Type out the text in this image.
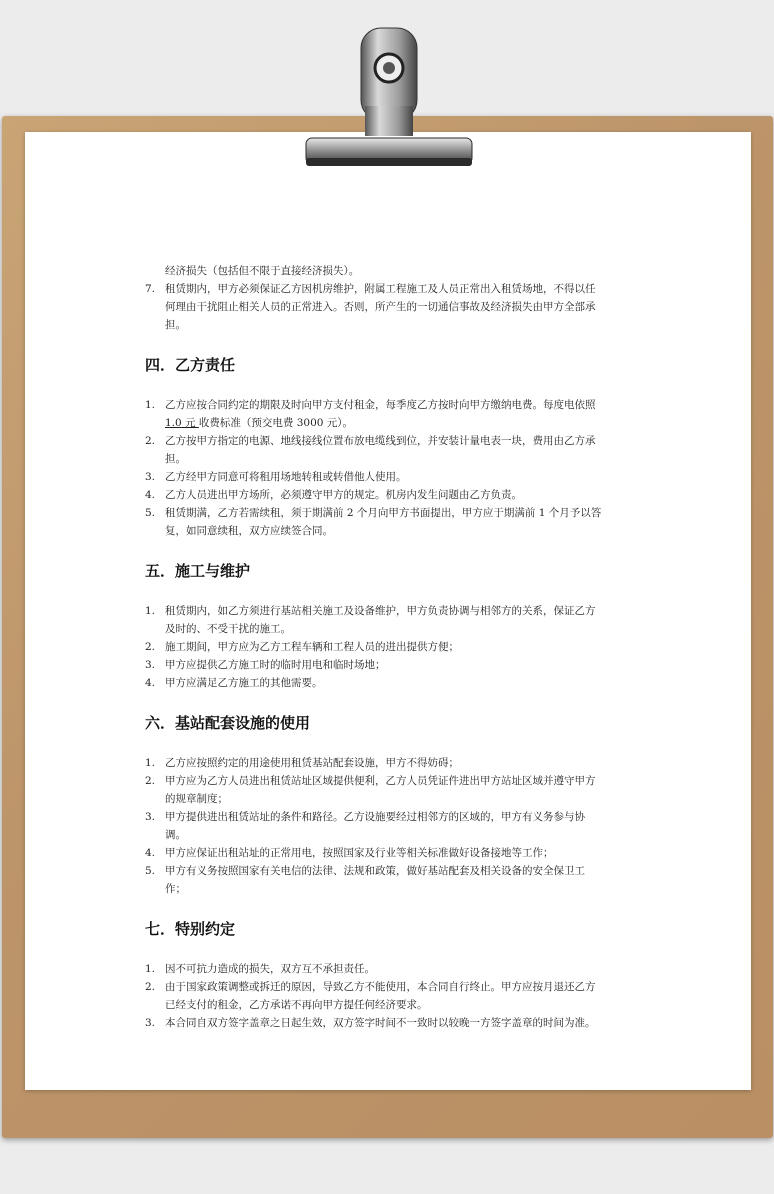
经济损失（包括但不限于直接经济损失）。

7. 租赁期内，甲方必须保证乙方因机房维护，附属工程施工及人员正常出入租赁场地，不得以任何理由干扰阻止相关人员的正常进入。否则，所产生的一切通信事故及经济损失由甲方全部承担。
四．乙方责任
1. 乙方应按合同约定的期限及时向甲方支付租金，每季度乙方按时向甲方缴纳电费。每度电依照 1.0 元 收费标准（预交电费 3000 元）。
2. 乙方按甲方指定的电源、地线接线位置布放电缆线到位，并安装计量电表一块，费用由乙方承担。
3. 乙方经甲方同意可将租用场地转租或转借他人使用。
4. 乙方人员进出甲方场所，必须遵守甲方的规定。机房内发生问题由乙方负责。
5. 租赁期满，乙方若需续租，须于期满前 2 个月向甲方书面提出，甲方应于期满前 1 个月予以答复，如同意续租，双方应续签合同。
五．施工与维护
1. 租赁期内，如乙方须进行基站相关施工及设备维护，甲方负责协调与相邻方的关系，保证乙方及时的、不受干扰的施工。
2. 施工期间，甲方应为乙方工程车辆和工程人员的进出提供方便；
3. 甲方应提供乙方施工时的临时用电和临时场地；
4. 甲方应满足乙方施工的其他需要。
六．基站配套设施的使用
1. 乙方应按照约定的用途使用租赁基站配套设施，甲方不得妨碍；
2. 甲方应为乙方人员进出租赁站址区域提供便利，乙方人员凭证件进出甲方站址区域并遵守甲方的规章制度；
3. 甲方提供进出租赁站址的条件和路径。乙方设施要经过相邻方的区域的，甲方有义务参与协调。
4. 甲方应保证出租站址的正常用电，按照国家及行业等相关标准做好设备接地等工作；
5. 甲方有义务按照国家有关电信的法律、法规和政策，做好基站配套及相关设备的安全保卫工作；
七．特别约定
1. 因不可抗力造成的损失，双方互不承担责任。
2. 由于国家政策调整或拆迁的原因，导致乙方不能使用，本合同自行终止。甲方应按月退还乙方已经支付的租金，乙方承诺不再向甲方提任何经济要求。
3. 本合同自双方签字盖章之日起生效，双方签字时间不一致时以较晚一方签字盖章的时间为准。
